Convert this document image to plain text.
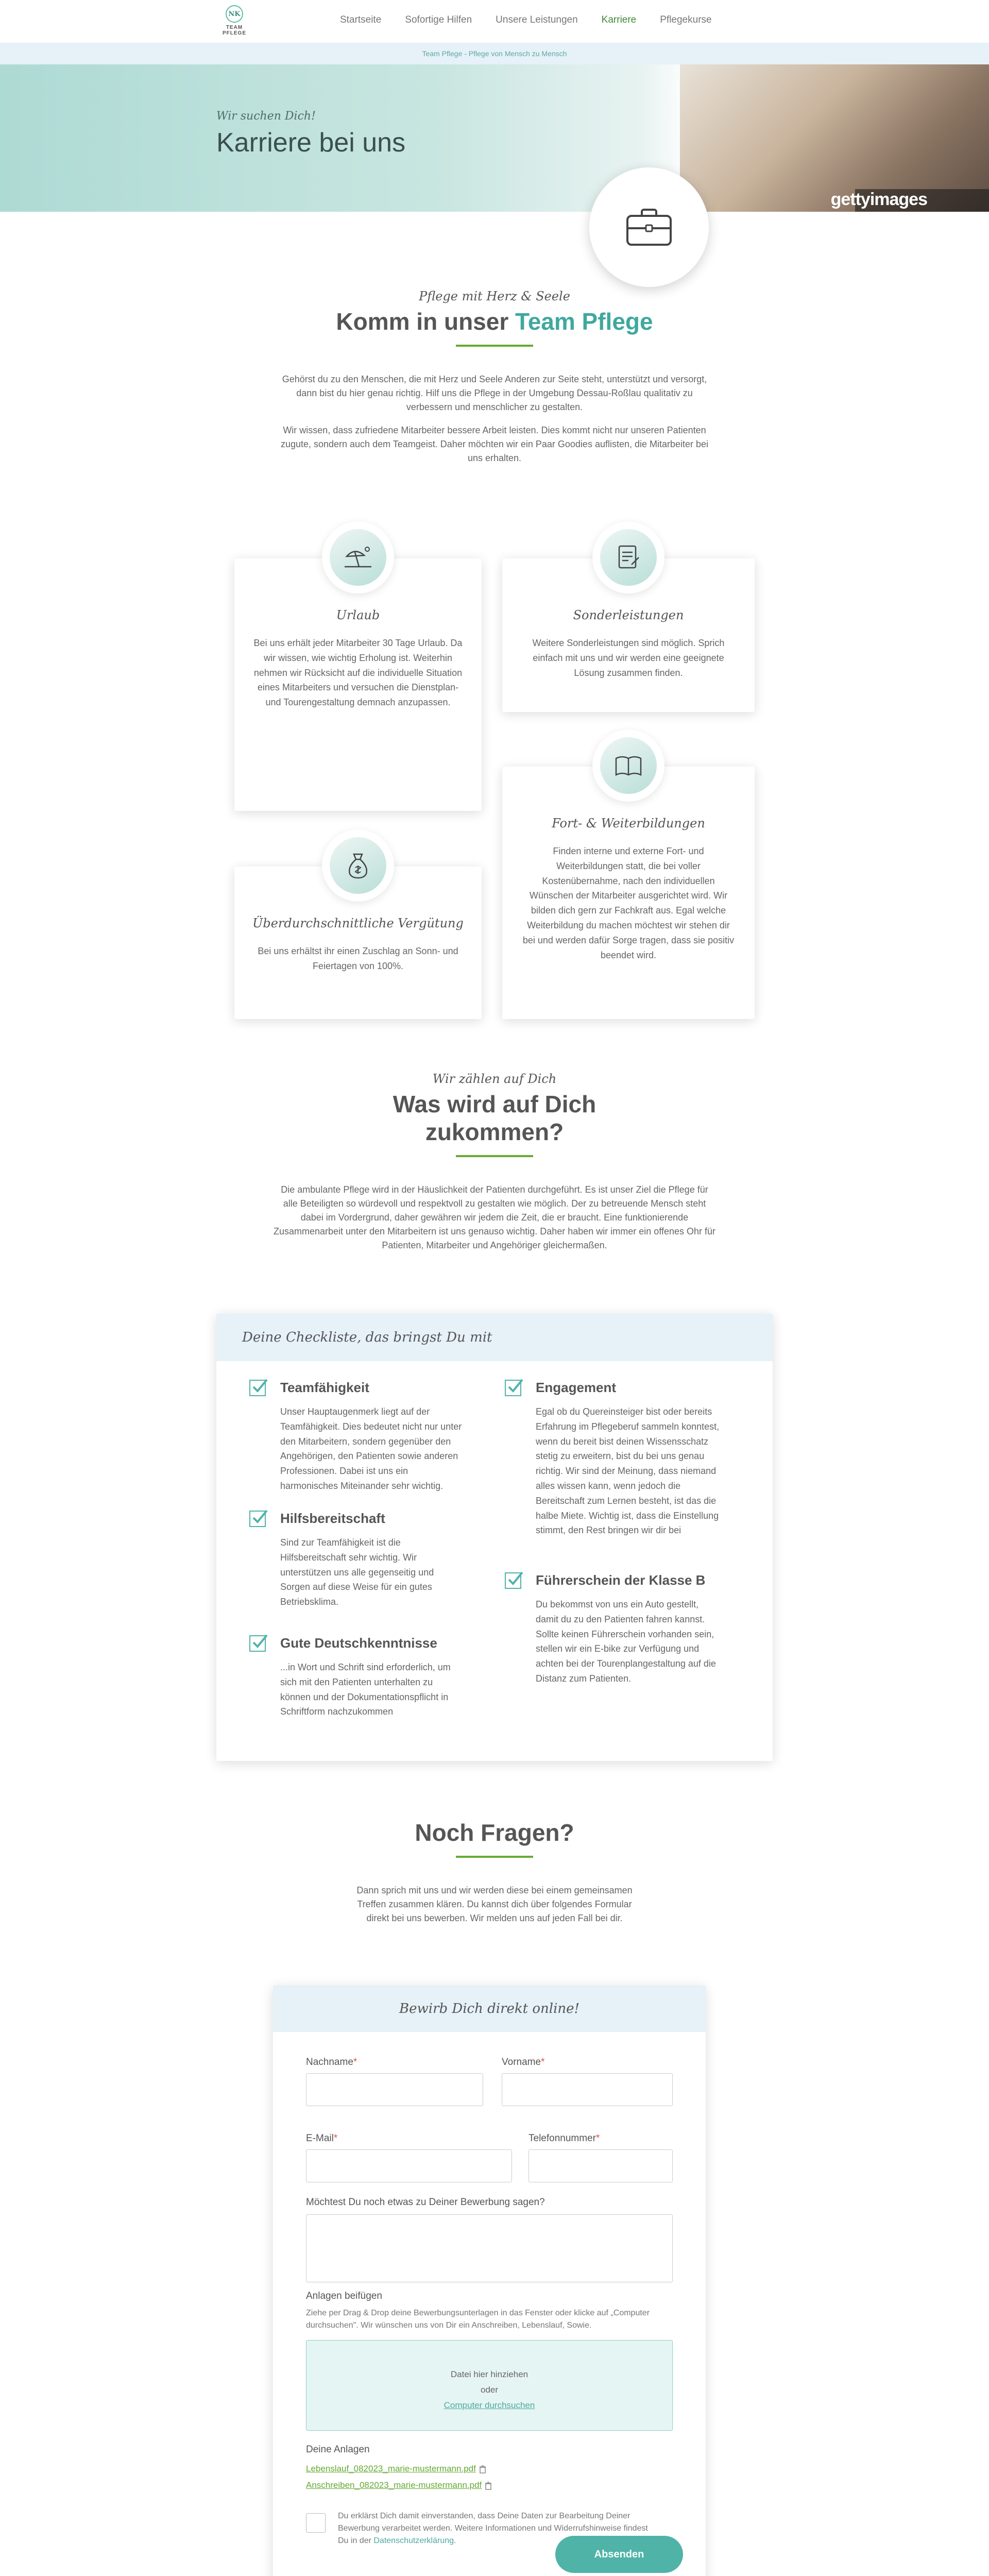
NK
TEAM PFLEGE
Startseite Sofortige Hilfen Unsere Leistungen Karriere Pflegekurse
Team Pflege - Pflege von Mensch zu Mensch
gettyimages
Wir suchen Dich!
Karriere bei uns
Pflege mit Herz & Seele
Komm in unser Team Pflege

Gehörst du zu den Menschen, die mit Herz und Seele Anderen zur Seite steht, unterstützt und versorgt, dann bist du hier genau richtig. Hilf uns die Pflege in der Umgebung Dessau-Roßlau qualitativ zu verbessern und menschlicher zu gestalten.

Wir wissen, dass zufriedene Mitarbeiter bessere Arbeit leisten. Dies kommt nicht nur unseren Patienten zugute, sondern auch dem Teamgeist. Daher möchten wir ein Paar Goodies auflisten, die Mitarbeiter bei uns erhalten.

Urlaub
Bei uns erhält jeder Mitarbeiter 30 Tage Urlaub. Da wir wissen, wie wichtig Erholung ist. Weiterhin nehmen wir Rücksicht auf die individuelle Situation eines Mitarbeiters und versuchen die Dienstplan- und Tourengestaltung demnach anzupassen.
Sonderleistungen
Weitere Sonderleistungen sind möglich. Sprich einfach mit uns und wir werden eine geeignete Lösung zusammen finden.
Fort- & Weiterbildungen
Finden interne und externe Fort- und Weiterbildungen statt, die bei voller Kostenübernahme, nach den individuellen Wünschen der Mitarbeiter ausgerichtet wird. Wir bilden dich gern zur Fachkraft aus. Egal welche Weiterbildung du machen möchtest wir stehen dir bei und werden dafür Sorge tragen, dass sie positiv beendet wird.
Überdurchschnittliche Vergütung
Bei uns erhältst ihr einen Zuschlag an Sonn- und Feiertagen von 100%.
Wir zählen auf Dich
Was wird auf Dich
zukommen?

Die ambulante Pflege wird in der Häuslichkeit der Patienten durchgeführt. Es ist unser Ziel die Pflege für alle Beteiligten so würdevoll und respektvoll zu gestalten wie möglich. Der zu betreuende Mensch steht dabei im Vordergrund, daher gewähren wir jedem die Zeit, die er braucht. Eine funktionierende Zusammenarbeit unter den Mitarbeitern ist uns genauso wichtig. Daher haben wir immer ein offenes Ohr für Patienten, Mitarbeiter und Angehöriger gleichermaßen.

Deine Checkliste, das bringst Du mit
Teamfähigkeit
Unser Hauptaugenmerk liegt auf der Teamfähigkeit. Dies bedeutet nicht nur unter den Mitarbeitern, sondern gegenüber den Angehörigen, den Patienten sowie anderen Professionen. Dabei ist uns ein harmonisches Miteinander sehr wichtig.
Engagement
Egal ob du Quereinsteiger bist oder bereits Erfahrung im Pflegeberuf sammeln konntest, wenn du bereit bist deinen Wissensschatz stetig zu erweitern, bist du bei uns genau richtig. Wir sind der Meinung, dass niemand alles wissen kann, wenn jedoch die Bereitschaft zum Lernen besteht, ist das die halbe Miete. Wichtig ist, dass die Einstellung stimmt, den Rest bringen wir dir bei
Hilfsbereitschaft
Sind zur Teamfähigkeit ist die Hilfsbereitschaft sehr wichtig. Wir unterstützen uns alle gegenseitig und Sorgen auf diese Weise für ein gutes Betriebsklima.
Führerschein der Klasse B
Du bekommst von uns ein Auto gestellt, damit du zu den Patienten fahren kannst. Sollte keinen Führerschein vorhanden sein, stellen wir ein E-bike zur Verfügung und achten bei der Tourenplangestaltung auf die Distanz zum Patienten.
Gute Deutschkenntnisse
...in Wort und Schrift sind erforderlich, um sich mit den Patienten unterhalten zu können und der Dokumentationspflicht in Schriftform nachzukommen
Noch Fragen?

Dann sprich mit uns und wir werden diese bei einem gemeinsamen Treffen zusammen klären. Du kannst dich über folgendes Formular direkt bei uns bewerben. Wir melden uns auf jeden Fall bei dir.

Bewirb Dich direkt online!
Nachname*	Vorname*
E-Mail*	Telefonnummer*
Möchtest Du noch etwas zu Deiner Bewerbung sagen?
Anlagen beifügen
Ziehe per Drag & Drop deine Bewerbungsunterlagen in das Fenster oder klicke auf „Computer durchsuchen". Wir wünschen uns von Dir ein Anschreiben, Lebenslauf, Sowie.
Datei hier hinziehen
oder
Computer durchsuchen
Deine Anlagen
Lebenslauf_082023_marie-mustermann.pdf
Anschreiben_082023_marie-mustermann.pdf
Du erklärst Dich damit einverstanden, dass Deine Daten zur Bearbeitung Deiner Bewerbung verarbeitet werden. Weitere Informationen und Widerrufshinweise findest Du in der Datenschutzerklärung.
Absenden
